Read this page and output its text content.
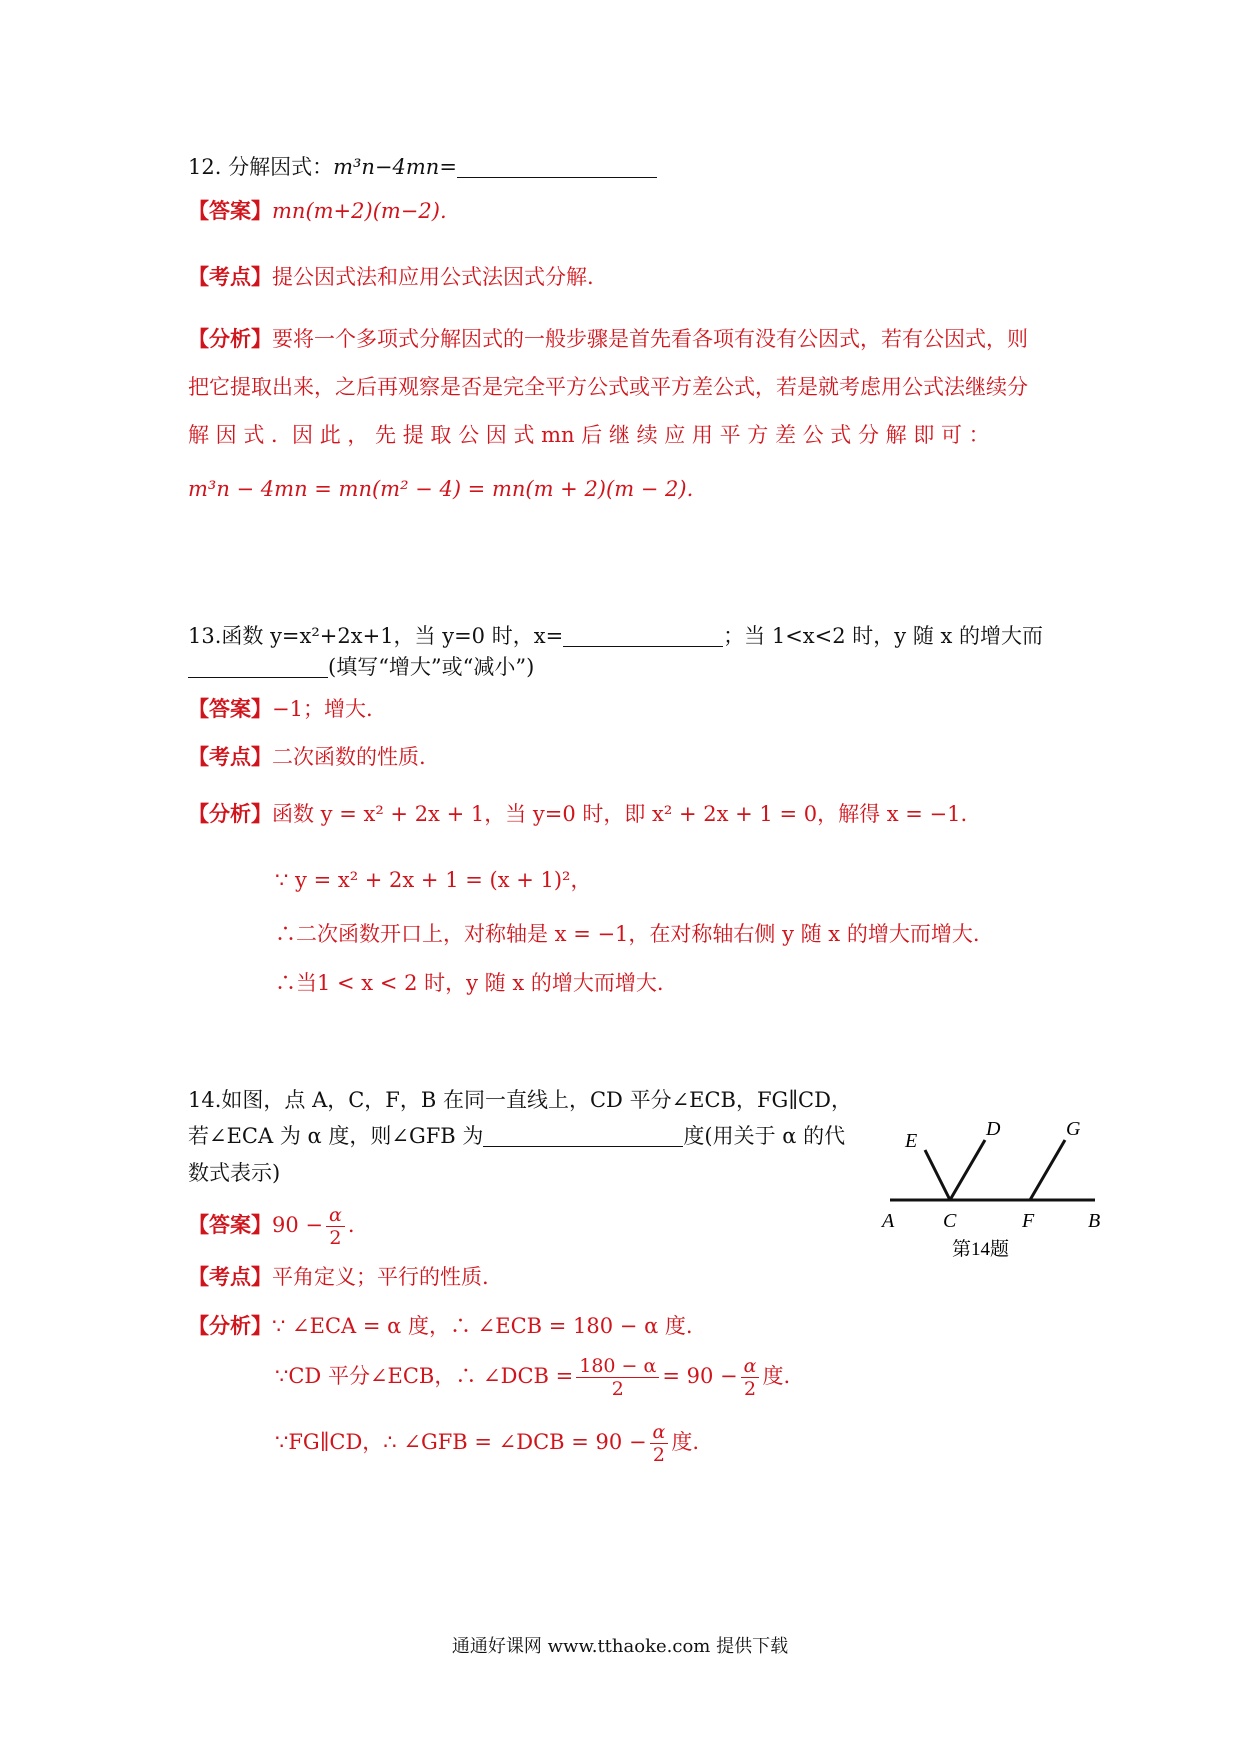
12. 分解因式：m³n−4mn=
【答案】mn(m+2)(m−2).
【考点】提公因式法和应用公式法因式分解.
【分析】要将一个多项式分解因式的一般步骤是首先看各项有没有公因式，若有公因式，则
把它提取出来，之后再观察是否是完全平方公式或平方差公式，若是就考虑用公式法继续分
解 因 式 ．因 此 ， 先 提 取 公 因 式 mn 后 继 续 应 用 平 方 差 公 式 分 解 即 可 ：
m³n − 4mn = mn(m² − 4) = mn(m + 2)(m − 2).
13.函数 y=x²+2x+1，当 y=0 时，x=	；当 1<x<2 时，y 随 x 的增大而
(填写“增大”或“减小”)
【答案】−1；增大.
【考点】二次函数的性质.
【分析】函数 y = x² + 2x + 1，当 y=0 时，即 x² + 2x + 1 = 0，解得 x = −1.
∵ y = x² + 2x + 1 = (x + 1)²，
∴二次函数开口上，对称轴是 x = −1，在对称轴右侧 y 随 x 的增大而增大.
∴当1 < x < 2 时，y 随 x 的增大而增大.
14.如图，点 A，C，F，B 在同一直线上，CD 平分∠ECB，FG∥CD，
若∠ECA 为 α 度，则∠GFB 为	度(用关于 α 的代
数式表示)
【答案】$90 - \frac{\alpha}{2}$ .
【考点】平角定义；平行的性质.
【分析】∵ ∠ECA = α 度，∴ ∠ECB = 180 − α 度.
∵CD 平分∠ECB，∴ ∠DCB = $\frac{180 - \alpha}{2} = 90 - \frac{\alpha}{2}$ 度.
∵FG∥CD，∴ ∠GFB = ∠DCB = $90 - \frac{\alpha}{2}$ 度.
A C	F	B
E
D	G
第14题
通通好课网 www.tthaoke.com 提供下载
